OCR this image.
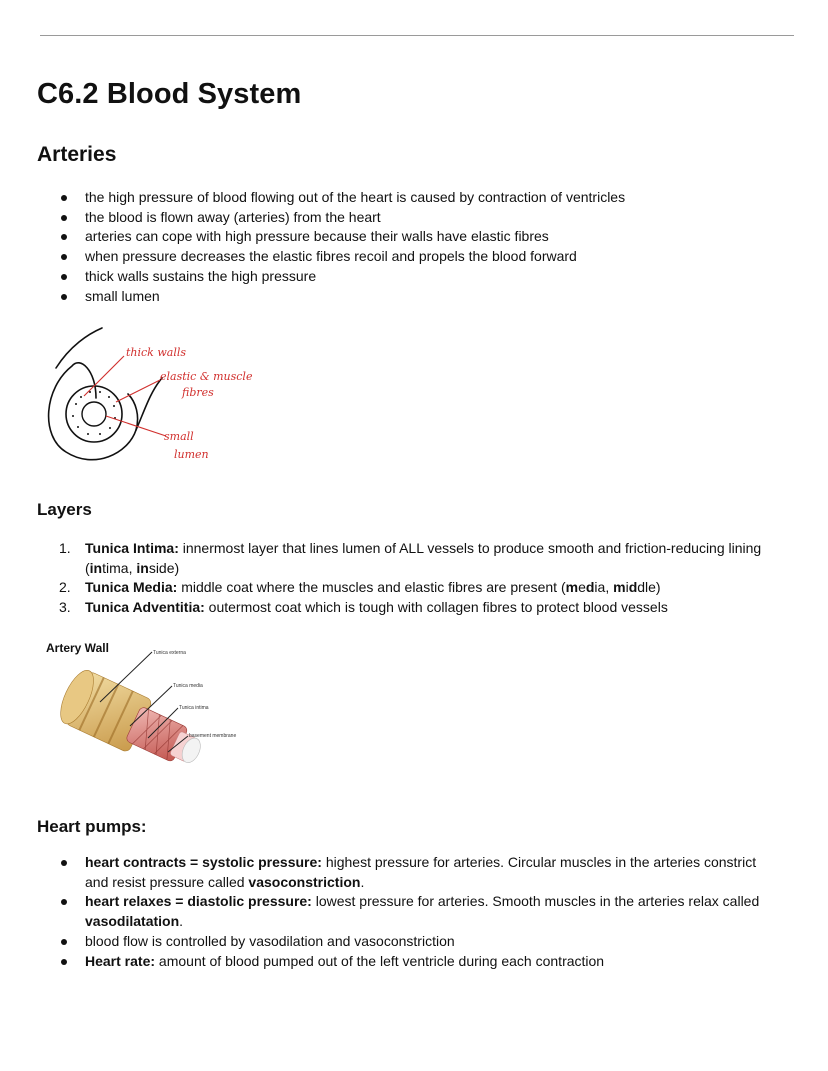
C6.2 Blood System
Arteries
the high pressure of blood flowing out of the heart is caused by contraction of ventricles
the blood is flown away (arteries) from the heart
arteries can cope with high pressure because their walls have elastic fibres
when pressure decreases the elastic fibres recoil and propels the blood forward
thick walls sustains the high pressure
small lumen
thick walls
elastic & muscle
fibres
small
lumen
Layers
1. Tunica Intima: innermost layer that lines lumen of ALL vessels to produce smooth and friction-reducing lining (intima, inside)
2. Tunica Media: middle coat where the muscles and elastic fibres are present (media, middle)
3. Tunica Adventitia: outermost coat which is tough with collagen fibres to protect blood vessels
Artery Wall	Tunica externa
Tunica media
Tunica intima
basement membrane
Heart pumps:
heart contracts = systolic pressure: highest pressure for arteries. Circular muscles in the arteries constrict and resist pressure called vasoconstriction.
heart relaxes = diastolic pressure: lowest pressure for arteries. Smooth muscles in the arteries relax called vasodilatation.
blood flow is controlled by vasodilation and vasoconstriction
Heart rate: amount of blood pumped out of the left ventricle during each contraction
